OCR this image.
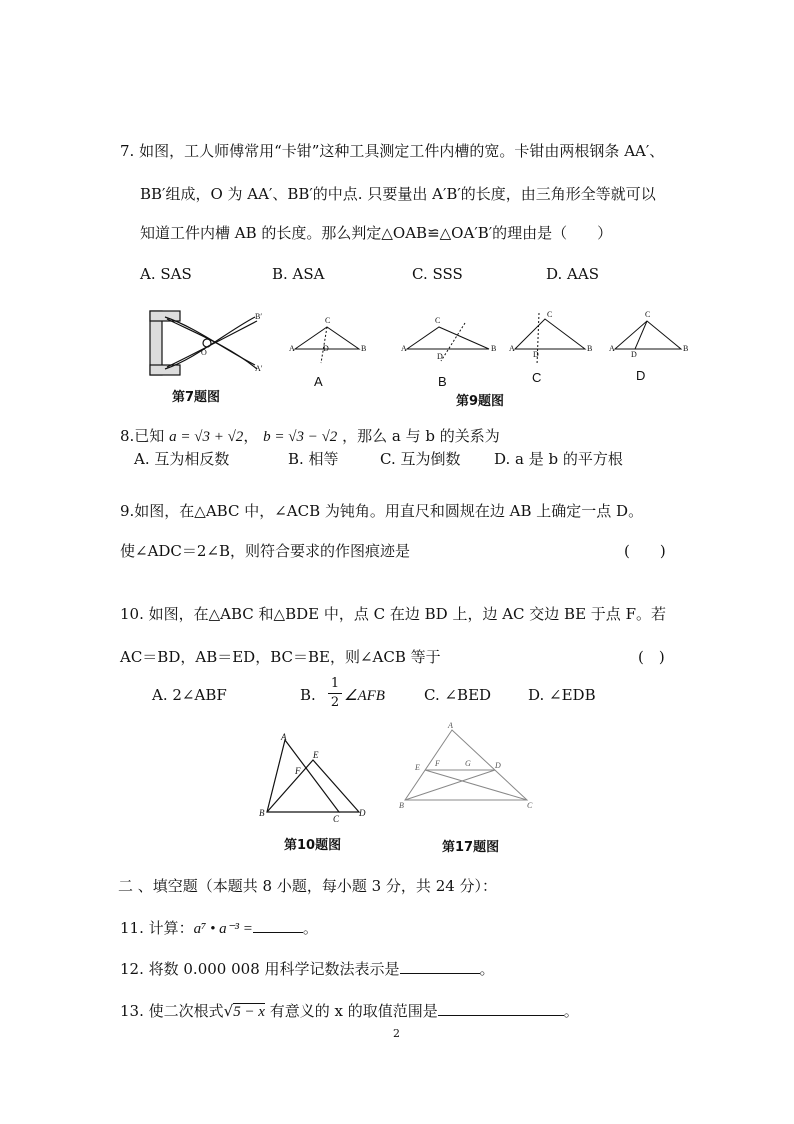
7. 如图，工人师傅常用“卡钳”这种工具测定工件内槽的宽。卡钳由两根钢条 AA′、
BB′组成，O 为 AA′、BB′的中点. 只要量出 A′B′的长度，由三角形全等就可以
知道工件内槽 AB 的长度。那么判定△OAB≌△OA′B′的理由是（　　）
A. SAS	B. ASA	C. SSS	D. AAS
B′
A′
O	A
C
B
D	A
C
B
D
A
C
B
D
A
C
B
D
A	B	C	D
第7题图	第9题图
8.已知 a = √3 + √2， b = √3 − √2 ，那么 a 与 b 的关系为
A. 互为相反数	B. 相等	C. 互为倒数 D. a 是 b 的平方根
9.如图，在△ABC 中，∠ACB 为钝角。用直尺和圆规在边 AB 上确定一点 D。
使∠ADC＝2∠B，则符合要求的作图痕迹是	(　　)
10. 如图，在△ABC 和△BDE 中，点 C 在边 BD 上，边 AC 交边 BE 于点 F。若
AC＝BD，AB＝ED，BC＝BE，则∠ACB 等于	(　)
A. 2∠ABF	B. $\frac{1}{2}$ ∠AFB	C. ∠BED D. ∠EDB
A
E
F
B
C
D
A
E F	G	D
B	C
第10题图	第17题图
二 、填空题（本题共 8 小题，每小题 3 分，共 24 分）：
11. 计算：a⁷ • a⁻³ =	。
12. 将数 0.000 008 用科学记数法表示是	。
13. 使二次根式√5 − x 有意义的 x 的取值范围是	。
2
